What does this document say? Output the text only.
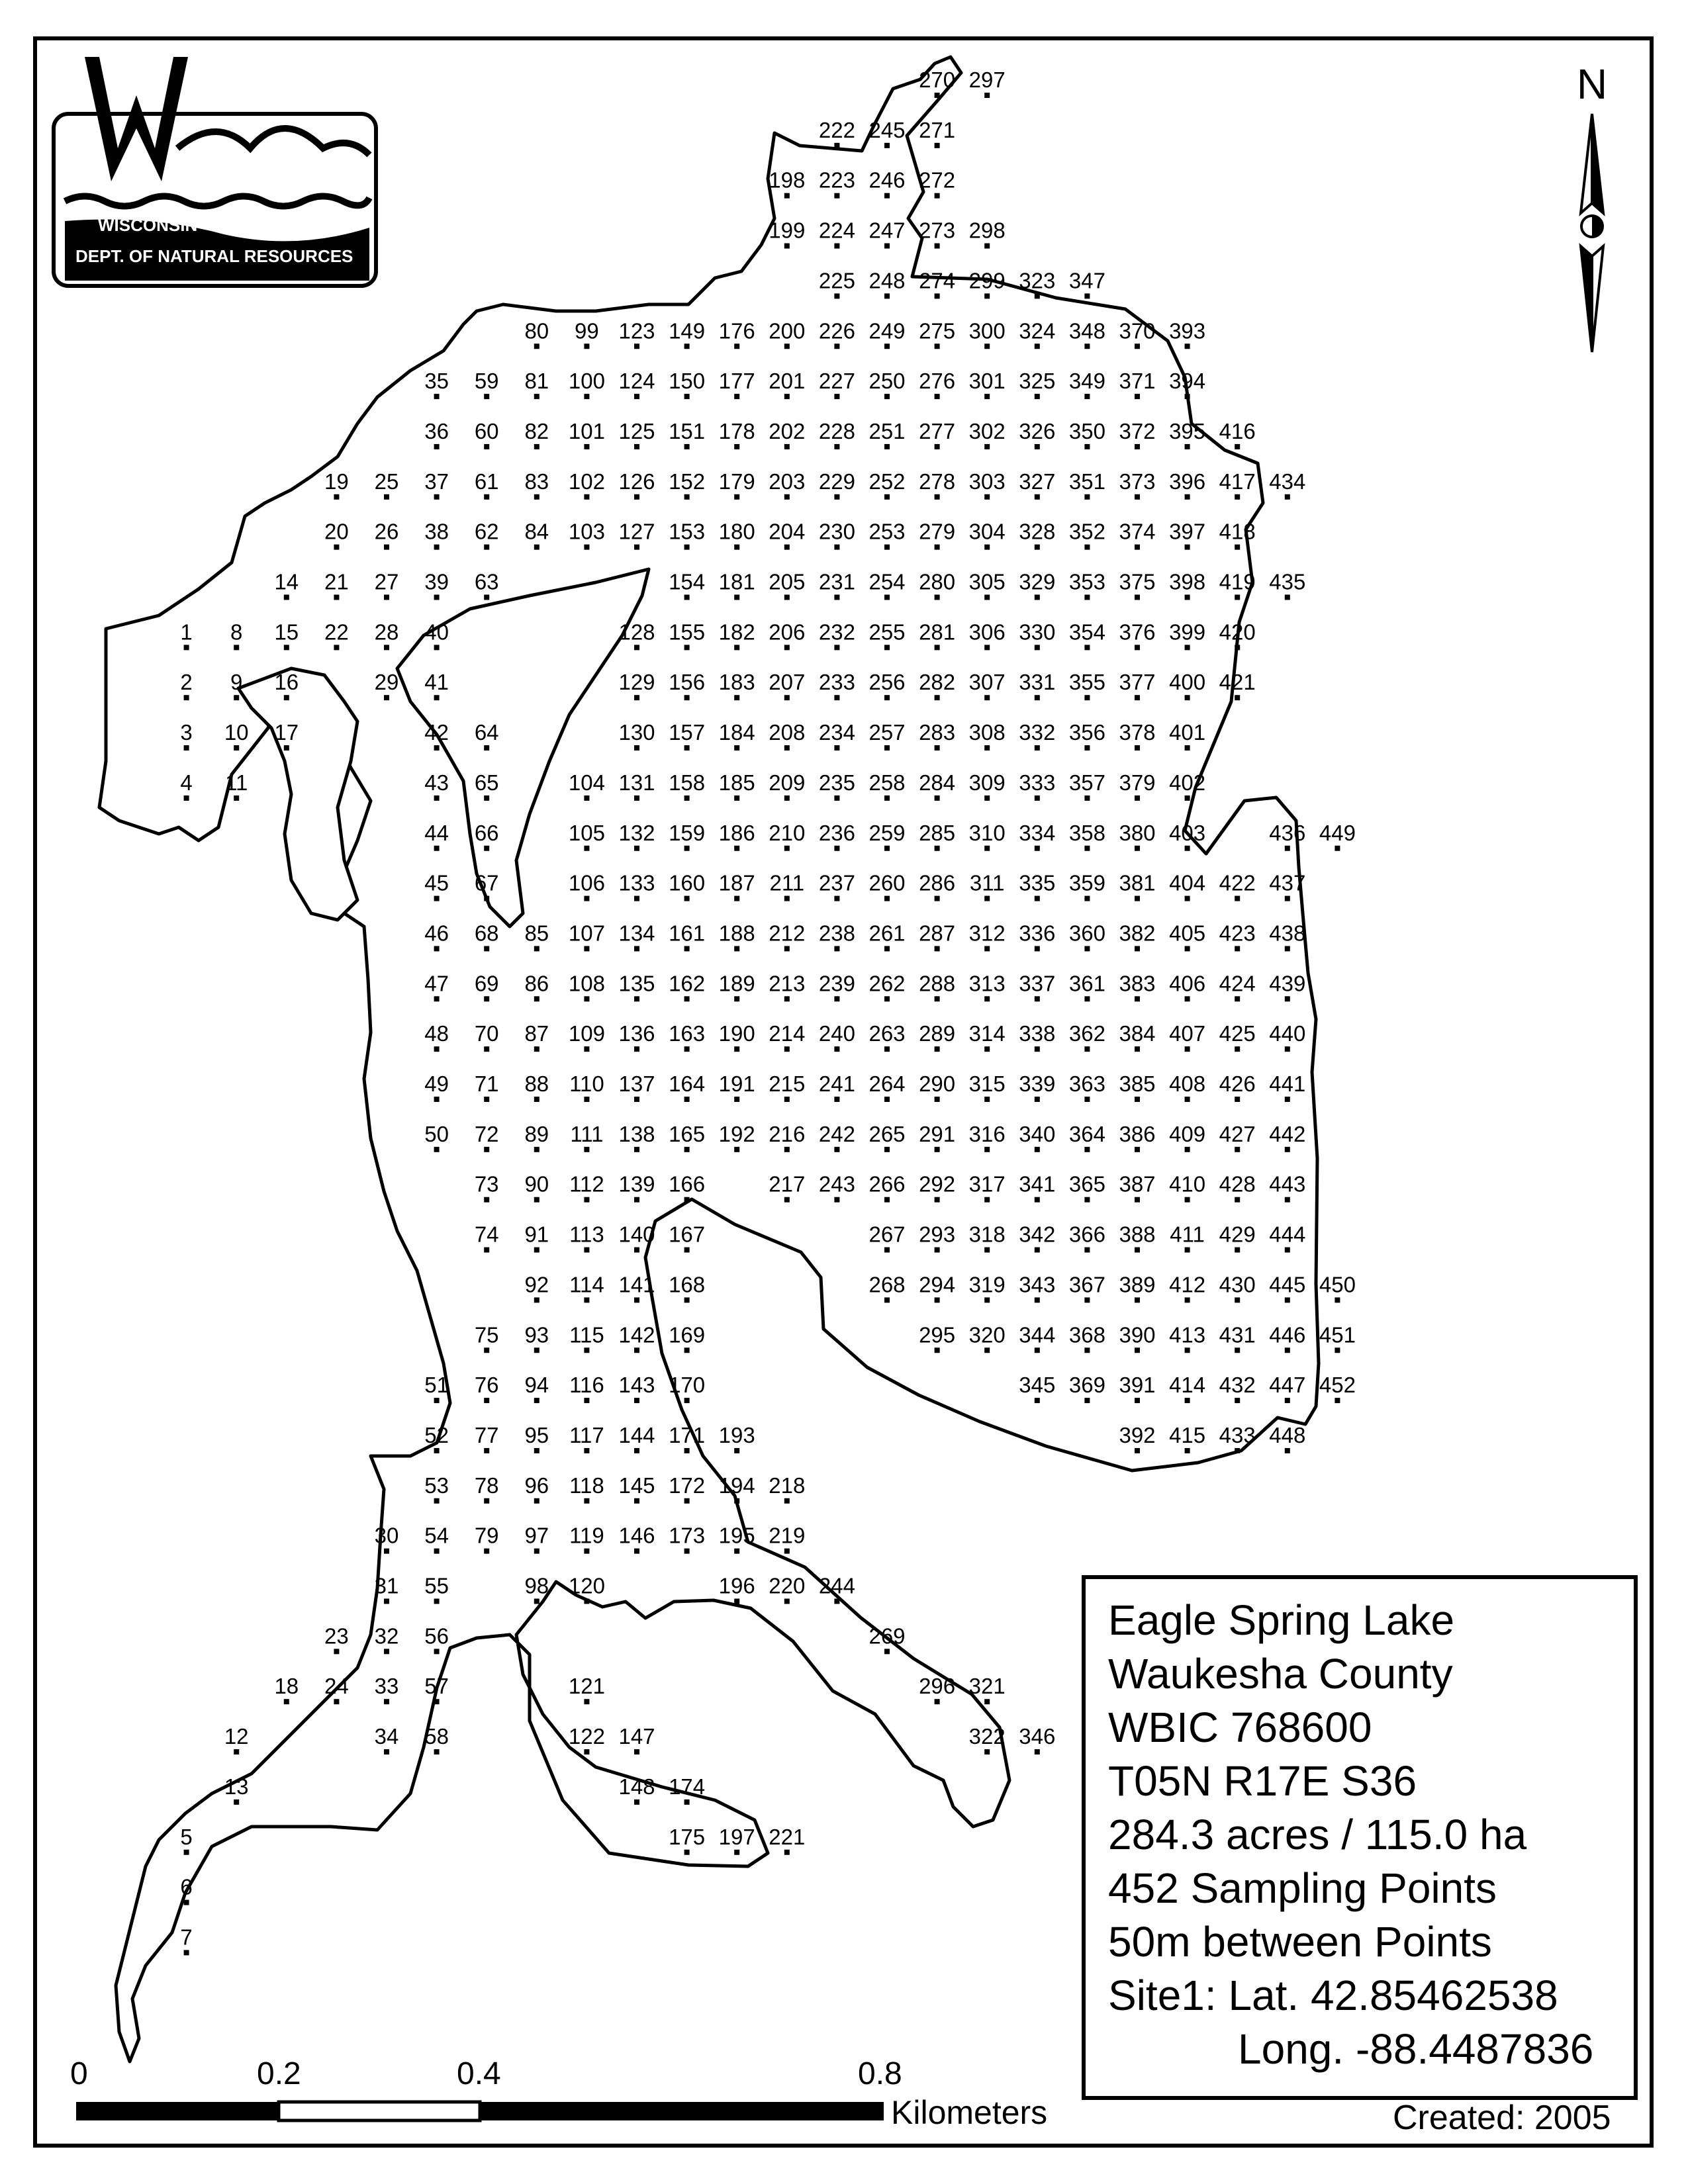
1
2
3
4
5
6
7
8
9
10
11
12
13
14
15
16
17
18
19
20
21
22
23
24
25
26
27
28
29
30
31
32
33
34
35
36
37
38
39
40
41
42
43
44
45
46
47
48
49
50
51
52
53
54
55
56
57
58
59
60
61
62
63
64
65
66
67
68
69
70
71
72
73
74
75
76
77
78
79
80
81
82
83
84
85
86
87
88
89
90
91
92
93
94
95
96
97
98
99
100
101
102
103
104
105
106
107
108
109
110
111
112
113
114
115
116
117
118
119
120
121
122
123
124
125
126
127
128
129
130
131
132
133
134
135
136
137
138
139
140
141
142
143
144
145
146
147
148
149
150
151
152
153
154
155
156
157
158
159
160
161
162
163
164
165
166
167
168
169
170
171
172
173
174
175
176
177
178
179
180
181
182
183
184
185
186
187
188
189
190
191
192
193
194
195
196
197
198
199
200
201
202
203
204
205
206
207
208
209
210
211
212
213
214
215
216
217
218
219
220
221
222
223
224
225
226
227
228
229
230
231
232
233
234
235
236
237
238
239
240
241
242
243
244
245
246
247
248
249
250
251
252
253
254
255
256
257
258
259
260
261
262
263
264
265
266
267
268
269
270
271
272
273
274
275
276
277
278
279
280
281
282
283
284
285
286
287
288
289
290
291
292
293
294
295
296
297
298
299
300
301
302
303
304
305
306
307
308
309
310
311
312
313
314
315
316
317
318
319
320
321
322
323
324
325
326
327
328
329
330
331
332
333
334
335
336
337
338
339
340
341
342
343
344
345
346
347
348
349
350
351
352
353
354
355
356
357
358
359
360
361
362
363
364
365
366
367
368
369
370
371
372
373
374
375
376
377
378
379
380
381
382
383
384
385
386
387
388
389
390
391
392
393
394
395
396
397
398
399
400
401
402
403
404
405
406
407
408
409
410
411
412
413
414
415
416
417
418
419
420
421
422
423
424
425
426
427
428
429
430
431
432
433
434
435
436
437
438
439
440
441
442
443
444
445
446
447
448
449
450
451
452
WISCONSIN
DEPT. OF NATURAL RESOURCES
N
Eagle Spring Lake
Waukesha County
WBIC 768600
T05N R17E S36
284.3 acres / 115.0 ha
452 Sampling Points
50m between Points
Site1: Lat. 42.85462538
Long. -88.4487836
0	0.2	0.4	0.8
Kilometers	Created: 2005
